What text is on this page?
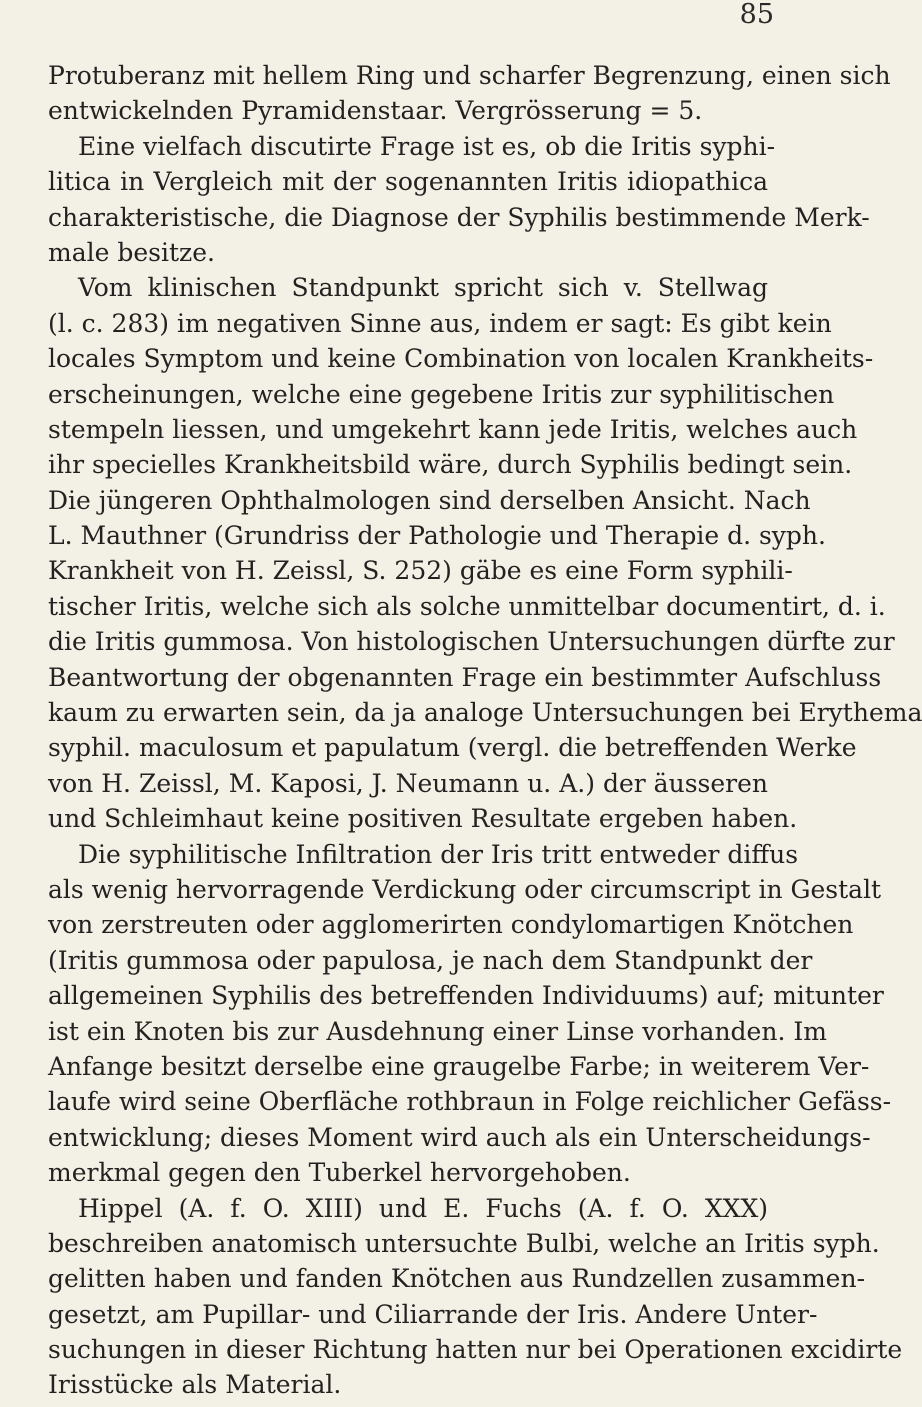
85
Protuberanz mit hellem Ring und scharfer Begrenzung, einen sich
entwickelnden Pyramidenstaar. Vergrösserung = 5.
Eine vielfach discutirte Frage ist es, ob die Iritis syphi-
litica in Vergleich mit der sogenannten Iritis idiopathica
charakteristische, die Diagnose der Syphilis bestimmende Merk-
male besitze.
Vom klinischen Standpunkt spricht sich v. Stellwag
(l. c. 283) im negativen Sinne aus, indem er sagt: Es gibt kein
locales Symptom und keine Combination von localen Krankheits-
erscheinungen, welche eine gegebene Iritis zur syphilitischen
stempeln liessen, und umgekehrt kann jede Iritis, welches auch
ihr specielles Krankheitsbild wäre, durch Syphilis bedingt sein.
Die jüngeren Ophthalmologen sind derselben Ansicht. Nach
L. Mauthner (Grundriss der Pathologie und Therapie d. syph.
Krankheit von H. Zeissl, S. 252) gäbe es eine Form syphili-
tischer Iritis, welche sich als solche unmittelbar documentirt, d. i.
die Iritis gummosa. Von histologischen Untersuchungen dürfte zur
Beantwortung der obgenannten Frage ein bestimmter Aufschluss
kaum zu erwarten sein, da ja analoge Untersuchungen bei Erythema
syphil. maculosum et papulatum (vergl. die betreffenden Werke
von H. Zeissl, M. Kaposi, J. Neumann u. A.) der äusseren
und Schleimhaut keine positiven Resultate ergeben haben.
Die syphilitische Infiltration der Iris tritt entweder diffus
als wenig hervorragende Verdickung oder circumscript in Gestalt
von zerstreuten oder agglomerirten condylomartigen Knötchen
(Iritis gummosa oder papulosa, je nach dem Standpunkt der
allgemeinen Syphilis des betreffenden Individuums) auf; mitunter
ist ein Knoten bis zur Ausdehnung einer Linse vorhanden. Im
Anfange besitzt derselbe eine graugelbe Farbe; in weiterem Ver-
laufe wird seine Oberfläche rothbraun in Folge reichlicher Gefäss-
entwicklung; dieses Moment wird auch als ein Unterscheidungs-
merkmal gegen den Tuberkel hervorgehoben.
Hippel (A. f. O. XIII) und E. Fuchs (A. f. O. XXX)
beschreiben anatomisch untersuchte Bulbi, welche an Iritis syph.
gelitten haben und fanden Knötchen aus Rundzellen zusammen-
gesetzt, am Pupillar- und Ciliarrande der Iris. Andere Unter-
suchungen in dieser Richtung hatten nur bei Operationen excidirte
Irisstücke als Material.
